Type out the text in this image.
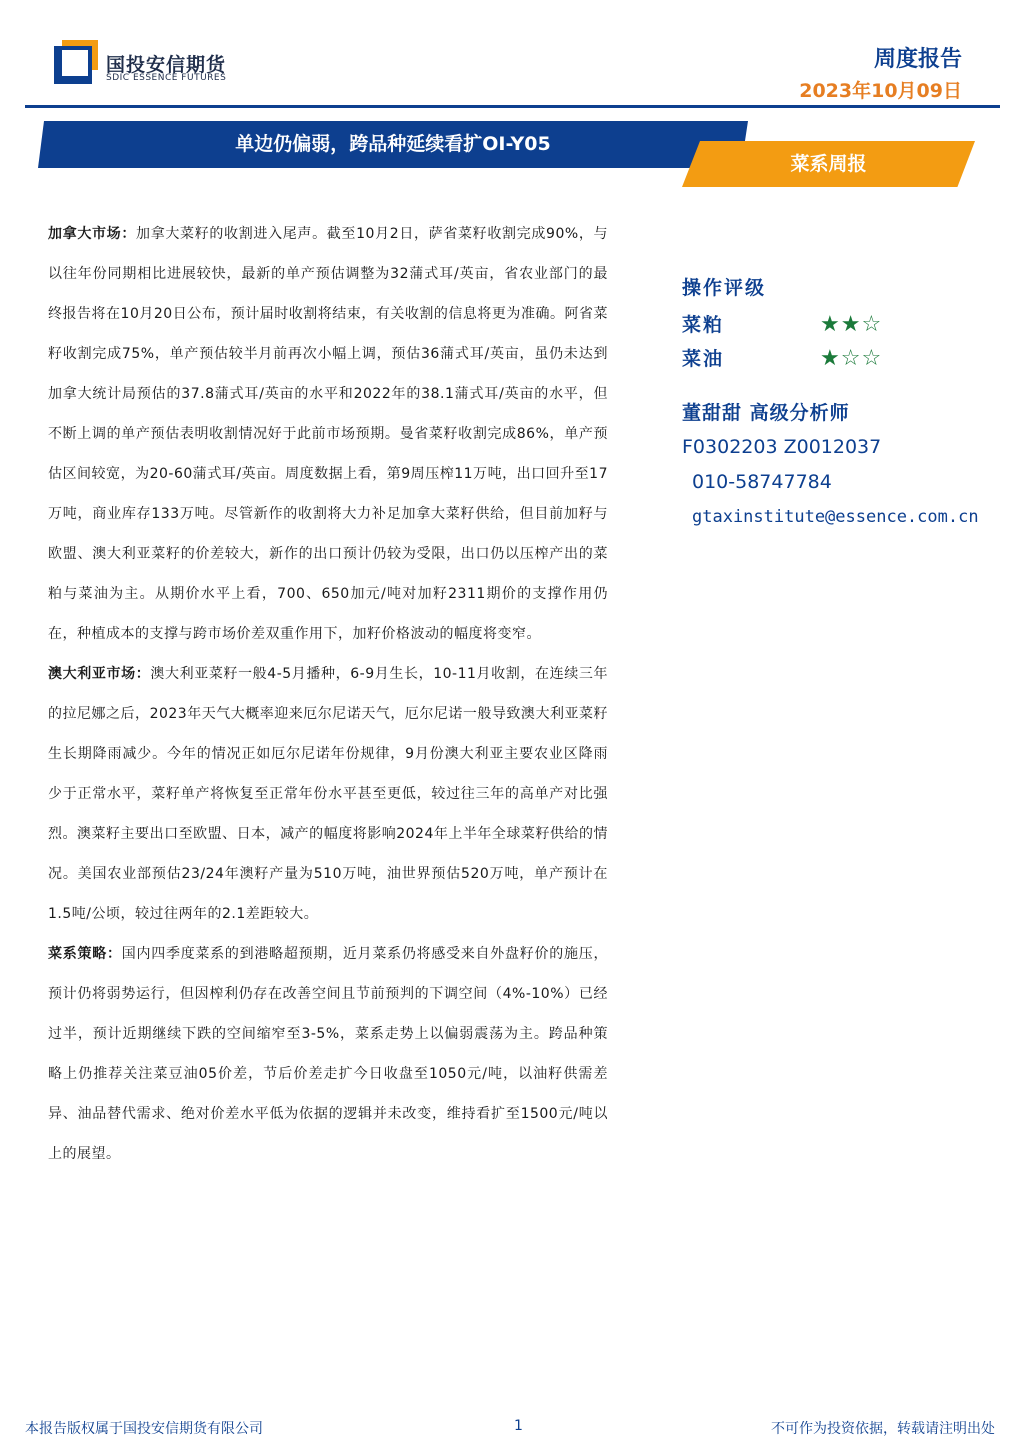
国投安信期货
SDIC ESSENCE FUTURES
周度报告
2023年10月09日
单边仍偏弱，跨品种延续看扩OI-Y05
菜系周报

加拿大市场：加拿大菜籽的收割进入尾声。截至10月2日，萨省菜籽收割完成90%，与以往年份同期相比进展较快，最新的单产预估调整为32蒲式耳/英亩，省农业部门的最终报告将在10月20日公布，预计届时收割将结束，有关收割的信息将更为准确。阿省菜籽收割完成75%，单产预估较半月前再次小幅上调，预估36蒲式耳/英亩，虽仍未达到加拿大统计局预估的37.8蒲式耳/英亩的水平和2022年的38.1蒲式耳/英亩的水平，但不断上调的单产预估表明收割情况好于此前市场预期。曼省菜籽收割完成86%，单产预估区间较宽，为20-60蒲式耳/英亩。周度数据上看，第9周压榨11万吨，出口回升至17万吨，商业库存133万吨。尽管新作的收割将大力补足加拿大菜籽供给，但目前加籽与欧盟、澳大利亚菜籽的价差较大，新作的出口预计仍较为受限，出口仍以压榨产出的菜粕与菜油为主。从期价水平上看，700、650加元/吨对加籽2311期价的支撑作用仍在，种植成本的支撑与跨市场价差双重作用下，加籽价格波动的幅度将变窄。

澳大利亚市场：澳大利亚菜籽一般4-5月播种，6-9月生长，10-11月收割，在连续三年的拉尼娜之后，2023年天气大概率迎来厄尔尼诺天气，厄尔尼诺一般导致澳大利亚菜籽生长期降雨减少。今年的情况正如厄尔尼诺年份规律，9月份澳大利亚主要农业区降雨少于正常水平，菜籽单产将恢复至正常年份水平甚至更低，较过往三年的高单产对比强烈。澳菜籽主要出口至欧盟、日本，减产的幅度将影响2024年上半年全球菜籽供给的情况。美国农业部预估23/24年澳籽产量为510万吨，油世界预估520万吨，单产预计在1.5吨/公顷，较过往两年的2.1差距较大。

菜系策略：国内四季度菜系的到港略超预期，近月菜系仍将感受来自外盘籽价的施压，预计仍将弱势运行，但因榨利仍存在改善空间且节前预判的下调空间（4%-10%）已经过半，预计近期继续下跌的空间缩窄至3-5%，菜系走势上以偏弱震荡为主。跨品种策略上仍推荐关注菜豆油05价差，节后价差走扩今日收盘至1050元/吨，以油籽供需差异、油品替代需求、绝对价差水平低为依据的逻辑并未改变，维持看扩至1500元/吨以上的展望。

操作评级
菜粕	★★☆
菜油	★☆☆
董甜甜 高级分析师
F0302203 Z0012037
010-58747784
gtaxinstitute@essence.com.cn
本报告版权属于国投安信期货有限公司	1	不可作为投资依据，转载请注明出处
